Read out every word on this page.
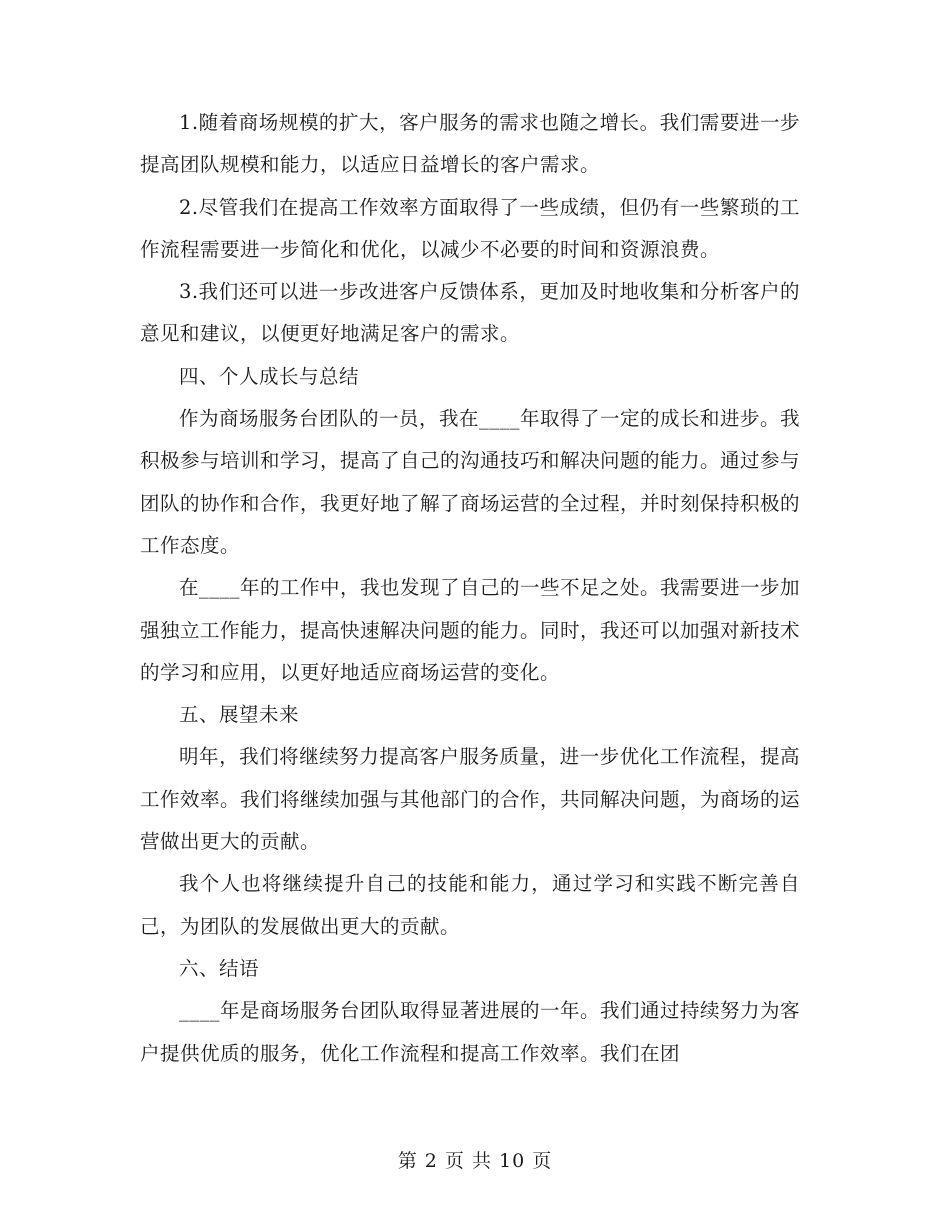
1.随着商场规模的扩大，客户服务的需求也随之增长。我们需要进一步提高团队规模和能力，以适应日益增长的客户需求。

2.尽管我们在提高工作效率方面取得了一些成绩，但仍有一些繁琐的工作流程需要进一步简化和优化，以减少不必要的时间和资源浪费。

3.我们还可以进一步改进客户反馈体系，更加及时地收集和分析客户的意见和建议，以便更好地满足客户的需求。

四、个人成长与总结

作为商场服务台团队的一员，我在____年取得了一定的成长和进步。我积极参与培训和学习，提高了自己的沟通技巧和解决问题的能力。通过参与团队的协作和合作，我更好地了解了商场运营的全过程，并时刻保持积极的工作态度。

在____年的工作中，我也发现了自己的一些不足之处。我需要进一步加强独立工作能力，提高快速解决问题的能力。同时，我还可以加强对新技术的学习和应用，以更好地适应商场运营的变化。

五、展望未来

明年，我们将继续努力提高客户服务质量，进一步优化工作流程，提高工作效率。我们将继续加强与其他部门的合作，共同解决问题，为商场的运营做出更大的贡献。

我个人也将继续提升自己的技能和能力，通过学习和实践不断完善自己，为团队的发展做出更大的贡献。

六、结语

____年是商场服务台团队取得显著进展的一年。我们通过持续努力为客户提供优质的服务，优化工作流程和提高工作效率。我们在团

第 2 页 共 10 页
